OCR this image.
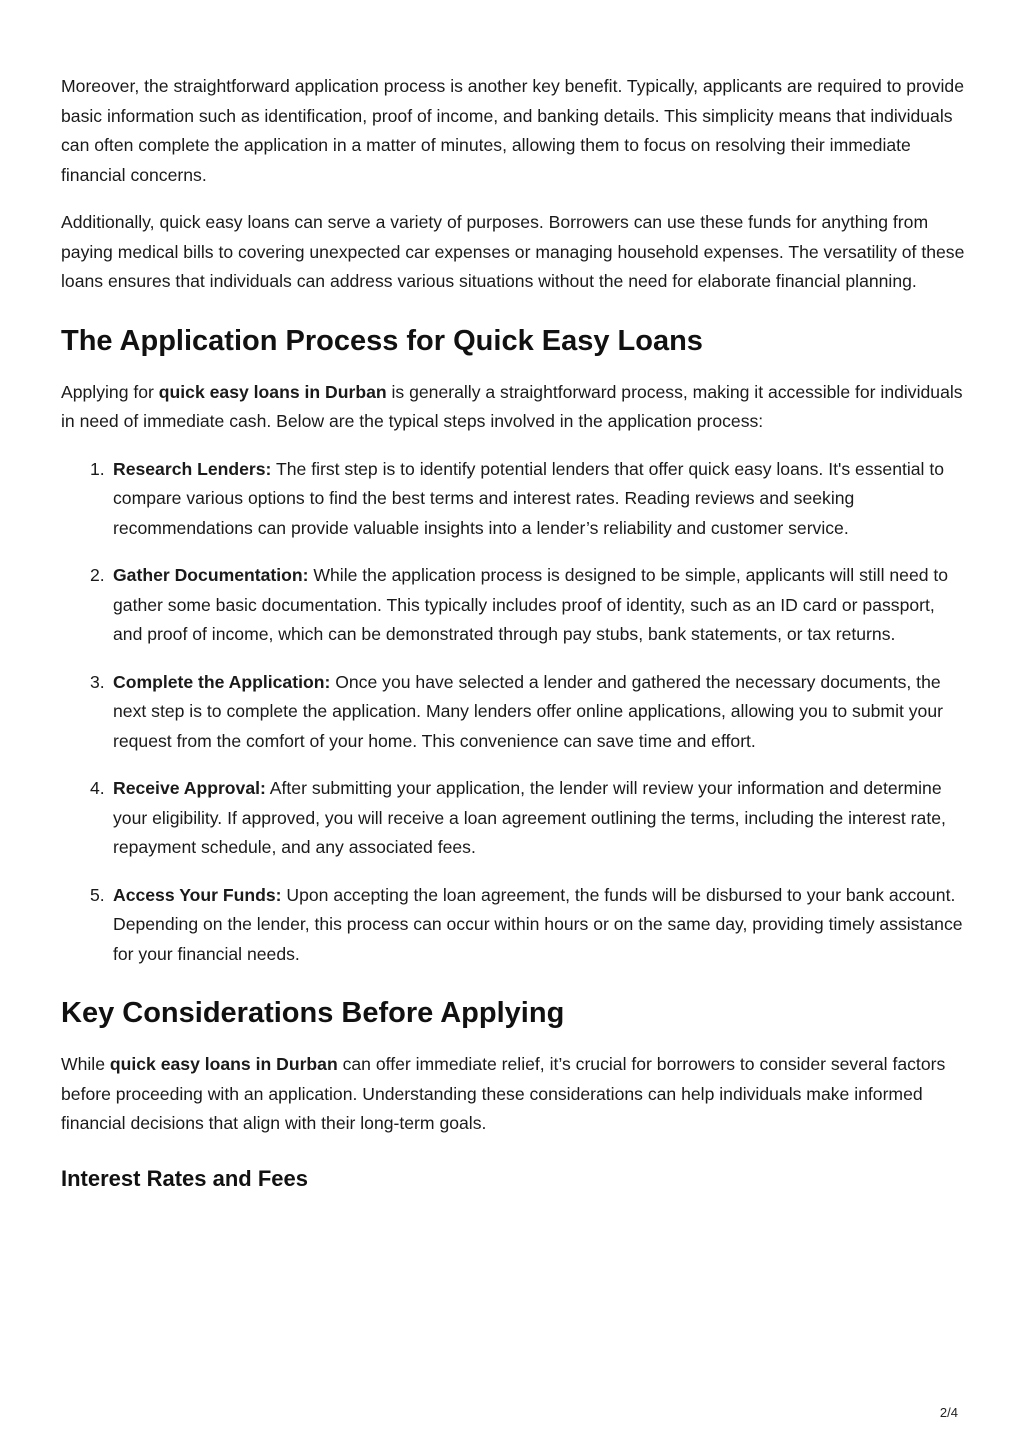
Moreover, the straightforward application process is another key benefit. Typically, applicants are required to provide basic information such as identification, proof of income, and banking details. This simplicity means that individuals can often complete the application in a matter of minutes, allowing them to focus on resolving their immediate financial concerns.

Additionally, quick easy loans can serve a variety of purposes. Borrowers can use these funds for anything from paying medical bills to covering unexpected car expenses or managing household expenses. The versatility of these loans ensures that individuals can address various situations without the need for elaborate financial planning.

The Application Process for Quick Easy Loans

Applying for quick easy loans in Durban is generally a straightforward process, making it accessible for individuals in need of immediate cash. Below are the typical steps involved in the application process:

1. Research Lenders: The first step is to identify potential lenders that offer quick easy loans. It's essential to compare various options to find the best terms and interest rates. Reading reviews and seeking recommendations can provide valuable insights into a lender’s reliability and customer service.
2. Gather Documentation: While the application process is designed to be simple, applicants will still need to gather some basic documentation. This typically includes proof of identity, such as an ID card or passport, and proof of income, which can be demonstrated through pay stubs, bank statements, or tax returns.
3. Complete the Application: Once you have selected a lender and gathered the necessary documents, the next step is to complete the application. Many lenders offer online applications, allowing you to submit your request from the comfort of your home. This convenience can save time and effort.
4. Receive Approval: After submitting your application, the lender will review your information and determine your eligibility. If approved, you will receive a loan agreement outlining the terms, including the interest rate, repayment schedule, and any associated fees.
5. Access Your Funds: Upon accepting the loan agreement, the funds will be disbursed to your bank account. Depending on the lender, this process can occur within hours or on the same day, providing timely assistance for your financial needs.
Key Considerations Before Applying

While quick easy loans in Durban can offer immediate relief, it’s crucial for borrowers to consider several factors before proceeding with an application. Understanding these considerations can help individuals make informed financial decisions that align with their long-term goals.

Interest Rates and Fees
2/4
